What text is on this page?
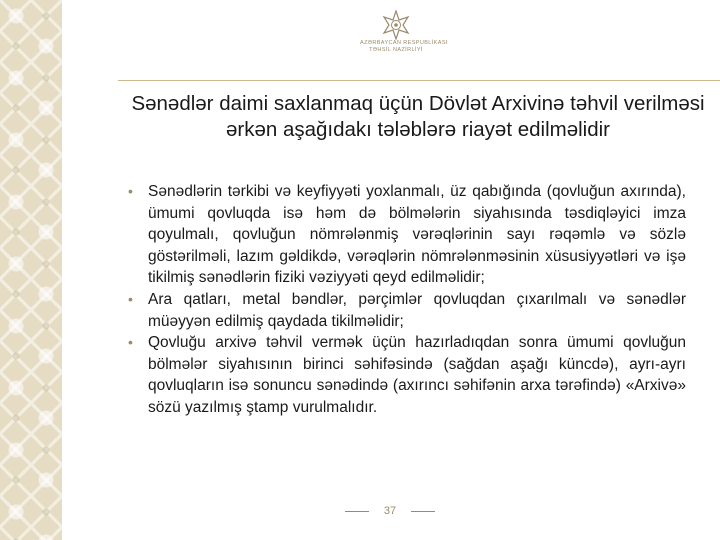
AZƏRBAYCAN RESPUBLİKASI
TƏHSİL NAZİRLİYİ
Sənədlər daimi saxlanmaq üçün Dövlət Arxivinə təhvil verilməsi ərkən aşağıdakı tələblərə riayət edilməlidir
• Sənədlərin tərkibi və keyfiyyəti yoxlanmalı, üz qabığında (qovluğun axırında), ümumi qovluqda isə həm də bölmələrin siyahısında təsdiqləyici imza qoyulmalı, qovluğun nömrələnmiş vərəqlərinin sayı rəqəmlə və sözlə göstərilməli, lazım gəldikdə, vərəqlərin nömrələnməsinin xüsusiyyətləri və işə tikilmiş sənədlərin fiziki vəziyyəti qeyd edilməlidir;
• Ara qatları, metal bəndlər, pərçimlər qovluqdan çıxarılmalı və sənədlər müəyyən edilmiş qaydada tikilməlidir;
• Qovluğu arxivə təhvil vermək üçün hazırladıqdan sonra ümumi qovluğun bölmələr siyahısının birinci səhifəsində (sağdan aşağı küncdə), ayrı-ayrı qovluqların isə sonuncu sənədində (axırıncı səhifənin arxa tərəfində) «Arxivə» sözü yazılmış ştamp vurulmalıdır.
37
